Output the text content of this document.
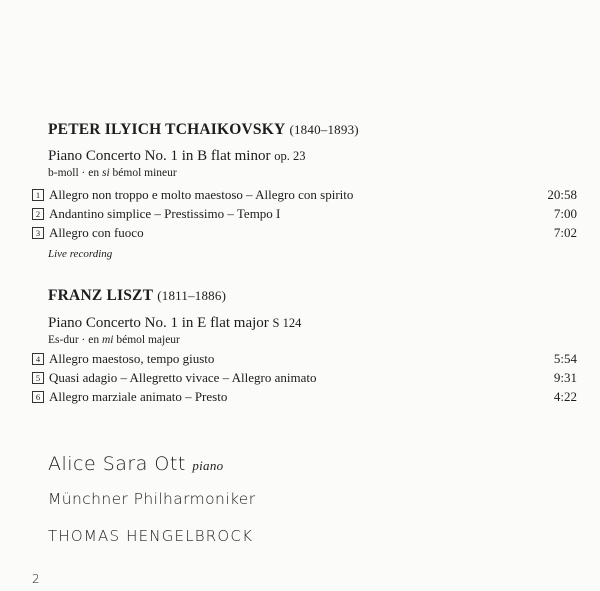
PETER ILYICH TCHAIKOVSKY (1840–1893)
Piano Concerto No. 1 in B flat minor op. 23
b-moll · en si bémol mineur
1 Allegro non troppo e molto maestoso – Allegro con spirito	20:58
2 Andantino simplice – Prestissimo – Tempo I	7:00
3 Allegro con fuoco	7:02
Live recording
FRANZ LISZT (1811–1886)
Piano Concerto No. 1 in E flat major S 124
Es-dur · en mi bémol majeur
4 Allegro maestoso, tempo giusto	5:54
5 Quasi adagio – Allegretto vivace – Allegro animato	9:31
6 Allegro marziale animato – Presto	4:22
Alice Sara Ott piano
Münchner Philharmoniker
THOMAS HENGELBROCK
2
